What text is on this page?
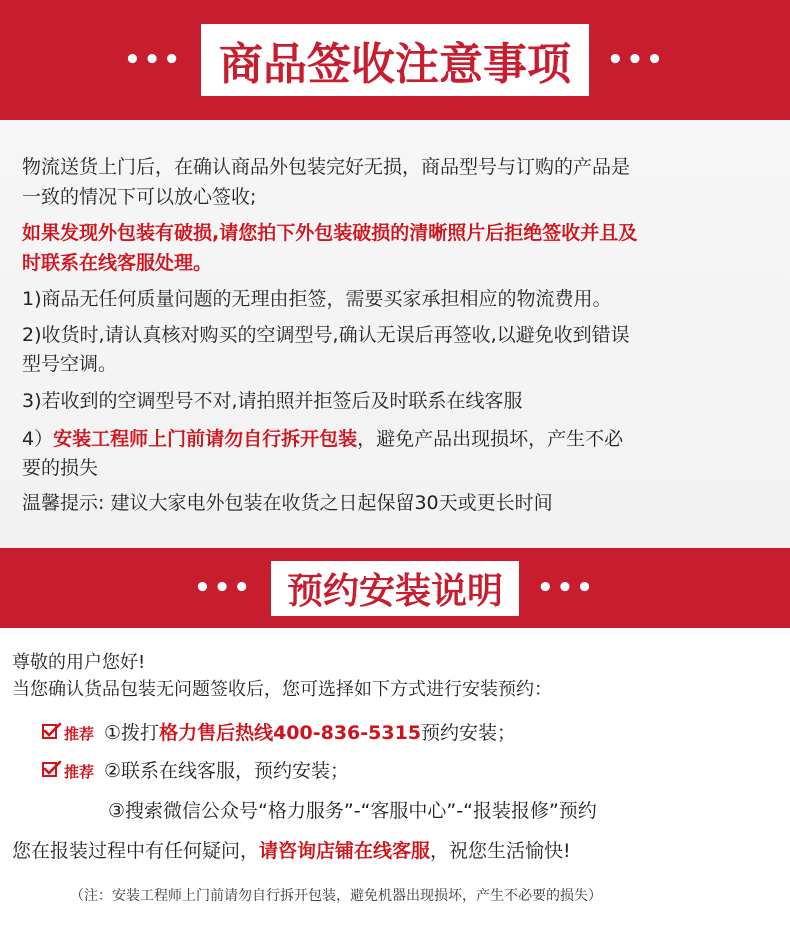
••• 商品签收注意事项	•••
物流送货上门后，在确认商品外包装完好无损，商品型号与订购的产品是
一致的情况下可以放心签收;
如果发现外包装有破损,请您拍下外包装破损的清晰照片后拒绝签收并且及
时联系在线客服处理。
1)商品无任何质量问题的无理由拒签，需要买家承担相应的物流费用。
2)收货时,请认真核对购买的空调型号,确认无误后再签收,以避免收到错误
型号空调。
3)若收到的空调型号不对,请拍照并拒签后及时联系在线客服
4）安装工程师上门前请勿自行拆开包装，避免产品出现损坏，产生不必
要的损失
温馨提示: 建议大家电外包装在收货之日起保留30天或更长时间
••• 预约安装说明	•••
尊敬的用户您好!
当您确认货品包装无问题签收后，您可选择如下方式进行安装预约：
推荐 ①拨打格力售后热线400-836-5315预约安装；
推荐 ②联系在线客服，预约安装；
③搜索微信公众号“格力服务”-“客服中心”-“报装报修”预约
您在报装过程中有任何疑问，请咨询店铺在线客服，祝您生活愉快!
（注：安装工程师上门前请勿自行拆开包装，避免机器出现损坏，产生不必要的损失）
